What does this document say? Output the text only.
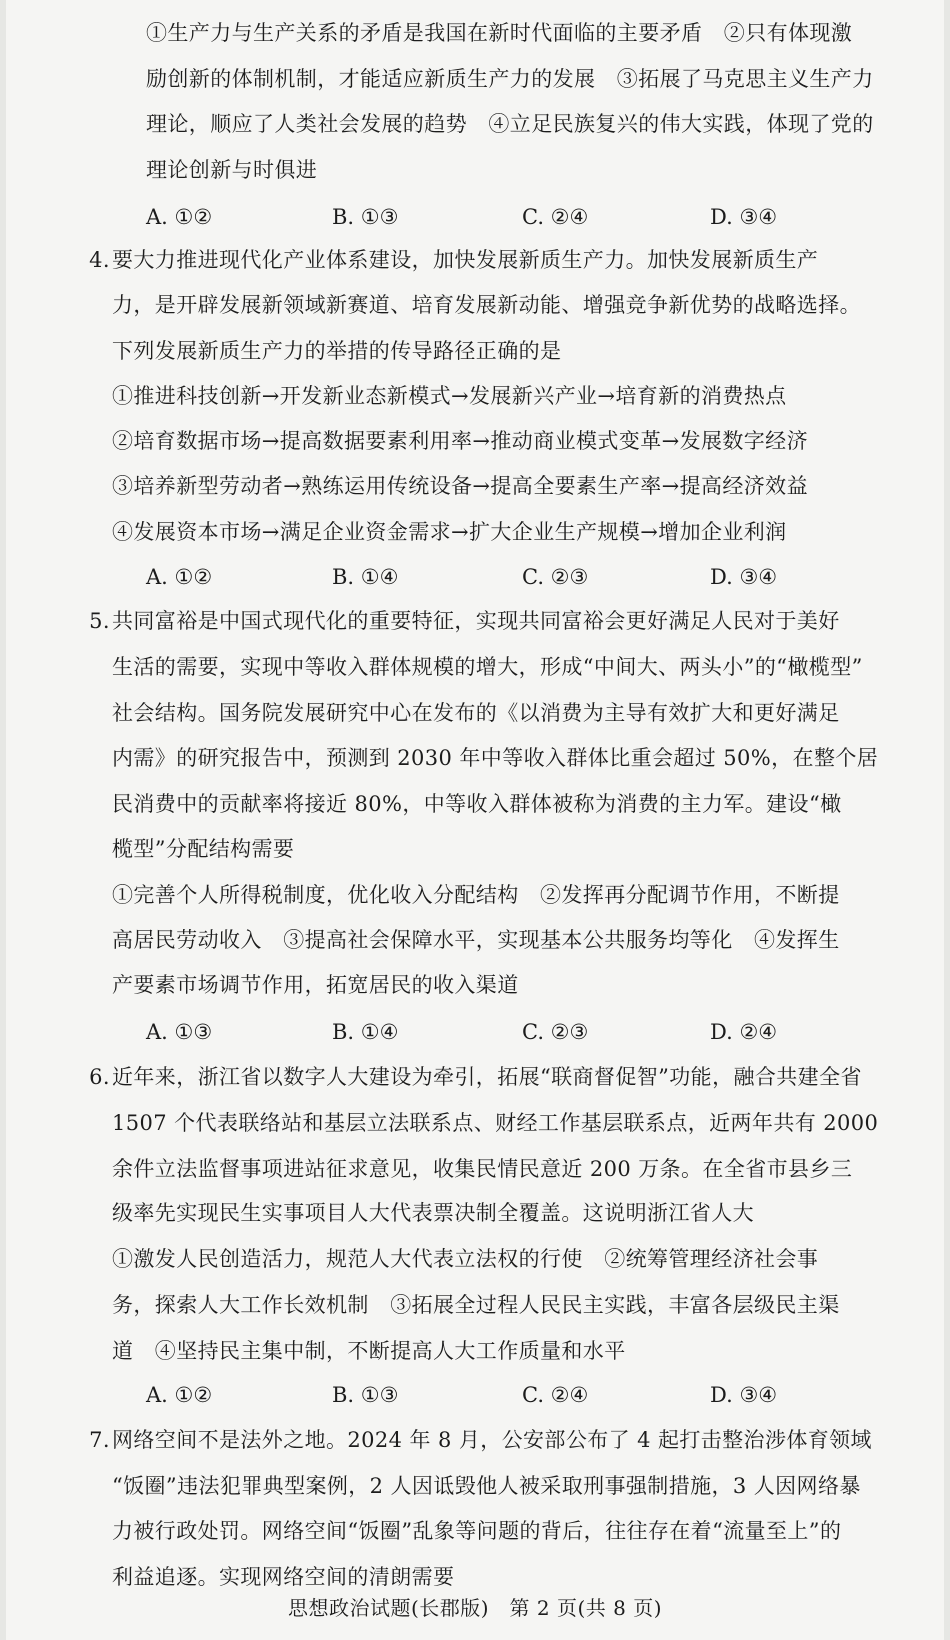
①生产力与生产关系的矛盾是我国在新时代面临的主要矛盾　②只有体现激
励创新的体制机制，才能适应新质生产力的发展　③拓展了马克思主义生产力
理论，顺应了人类社会发展的趋势　④立足民族复兴的伟大实践，体现了党的
理论创新与时俱进
A. ①②	B. ①③	C. ②④	D. ③④
4. 要大力推进现代化产业体系建设，加快发展新质生产力。加快发展新质生产
力，是开辟发展新领域新赛道、培育发展新动能、增强竞争新优势的战略选择。
下列发展新质生产力的举措的传导路径正确的是
①推进科技创新→开发新业态新模式→发展新兴产业→培育新的消费热点
②培育数据市场→提高数据要素利用率→推动商业模式变革→发展数字经济
③培养新型劳动者→熟练运用传统设备→提高全要素生产率→提高经济效益
④发展资本市场→满足企业资金需求→扩大企业生产规模→增加企业利润
A. ①②	B. ①④	C. ②③	D. ③④
5. 共同富裕是中国式现代化的重要特征，实现共同富裕会更好满足人民对于美好
生活的需要，实现中等收入群体规模的增大，形成“中间大、两头小”的“橄榄型”
社会结构。国务院发展研究中心在发布的《以消费为主导有效扩大和更好满足
内需》的研究报告中，预测到 2030 年中等收入群体比重会超过 50%，在整个居
民消费中的贡献率将接近 80%，中等收入群体被称为消费的主力军。建设“橄
榄型”分配结构需要
①完善个人所得税制度，优化收入分配结构　②发挥再分配调节作用，不断提
高居民劳动收入　③提高社会保障水平，实现基本公共服务均等化　④发挥生
产要素市场调节作用，拓宽居民的收入渠道
A. ①③	B. ①④	C. ②③	D. ②④
6. 近年来，浙江省以数字人大建设为牵引，拓展“联商督促智”功能，融合共建全省
1507 个代表联络站和基层立法联系点、财经工作基层联系点，近两年共有 2000
余件立法监督事项进站征求意见，收集民情民意近 200 万条。在全省市县乡三
级率先实现民生实事项目人大代表票决制全覆盖。这说明浙江省人大
①激发人民创造活力，规范人大代表立法权的行使　②统筹管理经济社会事
务，探索人大工作长效机制　③拓展全过程人民民主实践，丰富各层级民主渠
道　④坚持民主集中制，不断提高人大工作质量和水平
A. ①②	B. ①③	C. ②④	D. ③④
7. 网络空间不是法外之地。2024 年 8 月，公安部公布了 4 起打击整治涉体育领域
“饭圈”违法犯罪典型案例，2 人因诋毁他人被采取刑事强制措施，3 人因网络暴
力被行政处罚。网络空间“饭圈”乱象等问题的背后，往往存在着“流量至上”的
利益追逐。实现网络空间的清朗需要
思想政治试题(长郡版)　第 2 页(共 8 页)
